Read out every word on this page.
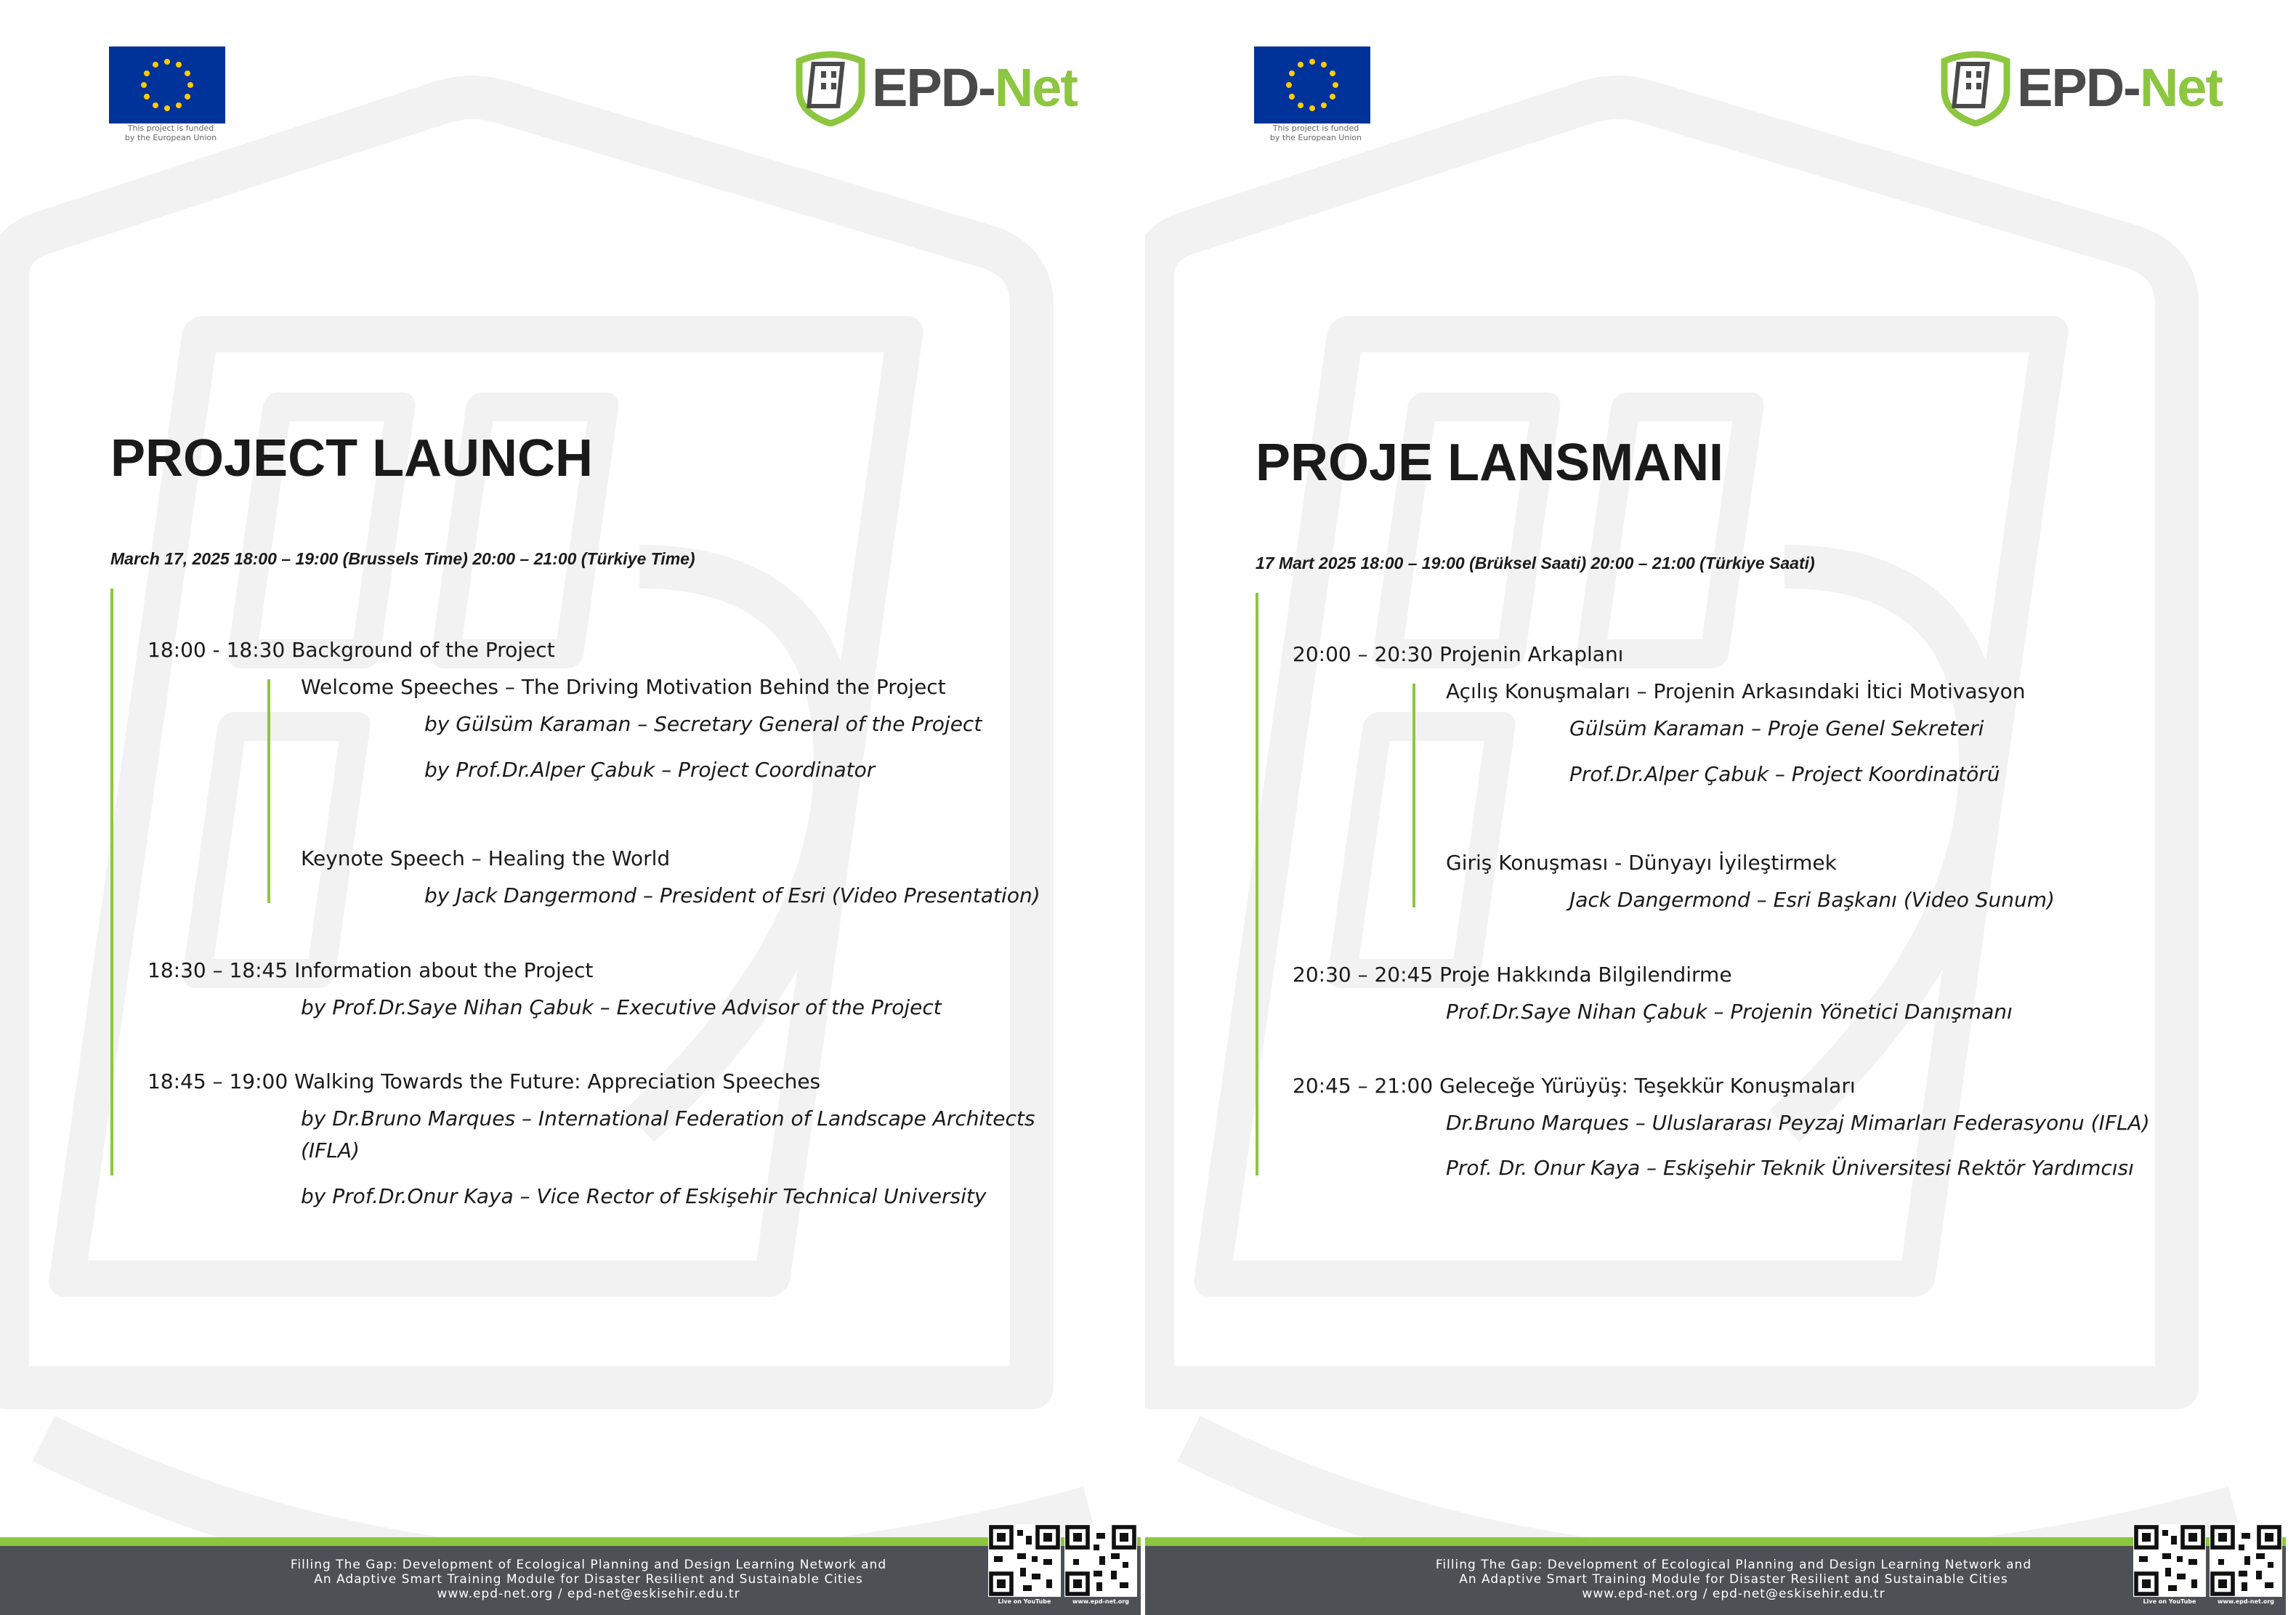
This project is funded
by the European Union
EPD-Net
PROJECT LAUNCH
March 17, 2025 18:00 – 19:00 (Brussels Time) 20:00 – 21:00 (Türkiye Time)
18:00 - 18:30 Background of the Project
Welcome Speeches – The Driving Motivation Behind the Project
by Gülsüm Karaman – Secretary General of the Project
by Prof.Dr.Alper Çabuk – Project Coordinator
Keynote Speech – Healing the World
by Jack Dangermond – President of Esri (Video Presentation)
18:30 – 18:45 Information about the Project
by Prof.Dr.Saye Nihan Çabuk – Executive Advisor of the Project
18:45 – 19:00 Walking Towards the Future: Appreciation Speeches
by Dr.Bruno Marques – International Federation of Landscape Architects
(IFLA)
by Prof.Dr.Onur Kaya – Vice Rector of Eskişehir Technical University
Filling The Gap: Development of Ecological Planning and Design Learning Network and
An Adaptive Smart Training Module for Disaster Resilient and Sustainable Cities
www.epd-net.org / epd-net@eskisehir.edu.tr
Live on YouTube	www.epd-net.org
This project is funded
by the European Union
EPD-Net
PROJE LANSMANI
17 Mart 2025 18:00 – 19:00 (Brüksel Saati) 20:00 – 21:00 (Türkiye Saati)
20:00 – 20:30 Projenin Arkaplanı
Açılış Konuşmaları – Projenin Arkasındaki İtici Motivasyon
Gülsüm Karaman – Proje Genel Sekreteri
Prof.Dr.Alper Çabuk – Project Koordinatörü
Giriş Konuşması - Dünyayı İyileştirmek
Jack Dangermond – Esri Başkanı (Video Sunum)
20:30 – 20:45 Proje Hakkında Bilgilendirme
Prof.Dr.Saye Nihan Çabuk – Projenin Yönetici Danışmanı
20:45 – 21:00 Geleceğe Yürüyüş: Teşekkür Konuşmaları
Dr.Bruno Marques – Uluslararası Peyzaj Mimarları Federasyonu (IFLA)
Prof. Dr. Onur Kaya – Eskişehir Teknik Üniversitesi Rektör Yardımcısı
Filling The Gap: Development of Ecological Planning and Design Learning Network and
An Adaptive Smart Training Module for Disaster Resilient and Sustainable Cities
www.epd-net.org / epd-net@eskisehir.edu.tr
Live on YouTube	www.epd-net.org
